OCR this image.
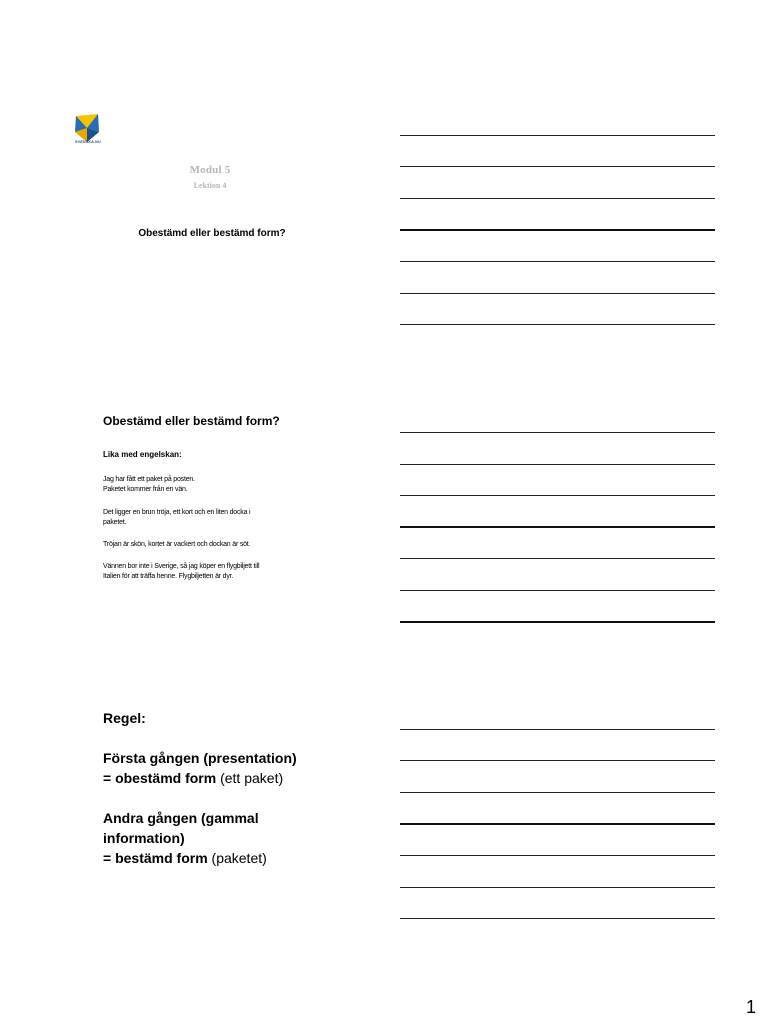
SVENSKA NU
Modul 5
Lektion 4
Obestämd eller bestämd form?
Obestämd eller bestämd form?
Lika med engelskan:
Jag har fått ett paket på posten.
Paketet kommer från en vän.
Det ligger en brun tröja, ett kort och en liten docka i
paketet.
Tröjan är skön, kortet är vackert och dockan är söt.
Vännen bor inte i Sverige, så jag köper en flygbiljett till
Italien för att träffa henne. Flygbiljetten är dyr.
Regel:
Första gången (presentation)
= obestämd form (ett paket)
Andra gången (gammal
information)
= bestämd form (paketet)
1
